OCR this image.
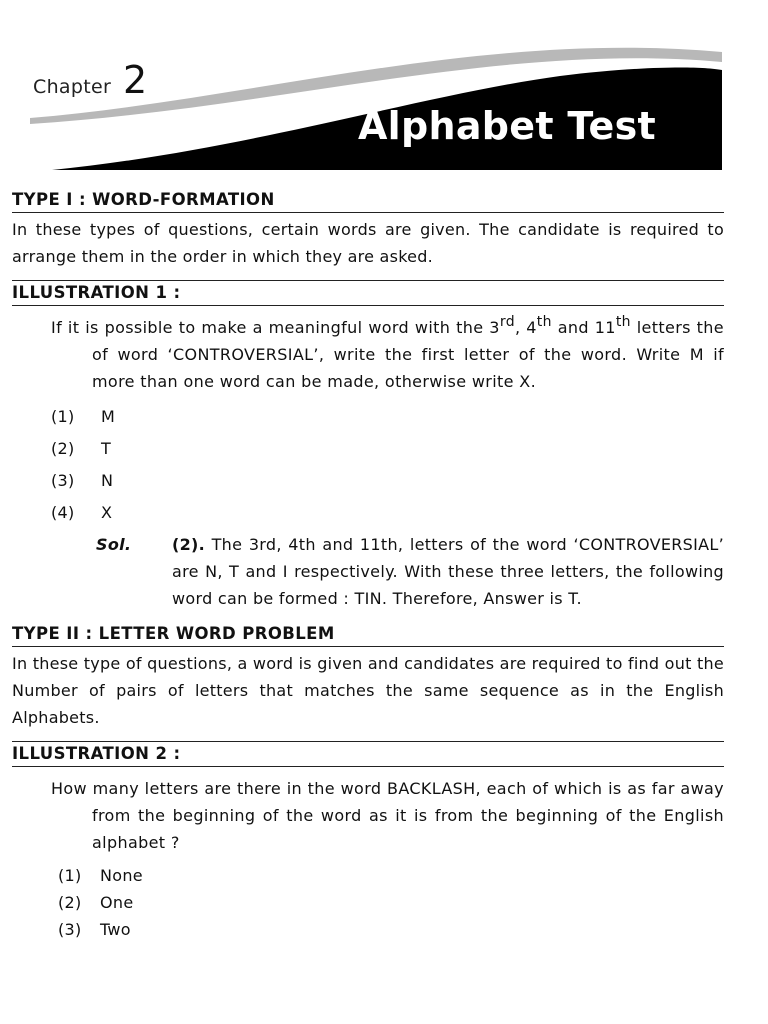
Chapter 2
Alphabet Test
TYPE I : WORD-FORMATION
In these types of questions, certain words are given. The candidate is required to arrange them in the order in which they are asked.
ILLUSTRATION 1 :
If it is possible to make a meaningful word with the 3rd, 4th and 11th letters the of word ‘CONTROVERSIAL’, write the first letter of the word. Write M if more than one word can be made, otherwise write X.
(1) M
(2) T
(3) N
(4) X
Sol.	(2). The 3rd, 4th and 11th, letters of the word ‘CONTROVERSIAL’ are N, T and I respectively. With these three letters, the following word can be formed : TIN. Therefore, Answer is T.
TYPE II : LETTER WORD PROBLEM
In these type of questions, a word is given and candidates are required to find out the Number of pairs of letters that matches the same sequence as in the English Alphabets.
ILLUSTRATION 2 :
How many letters are there in the word BACKLASH, each of which is as far away from the beginning of the word as it is from the beginning of the English alphabet ?
(1) None
(2) One
(3) Two
